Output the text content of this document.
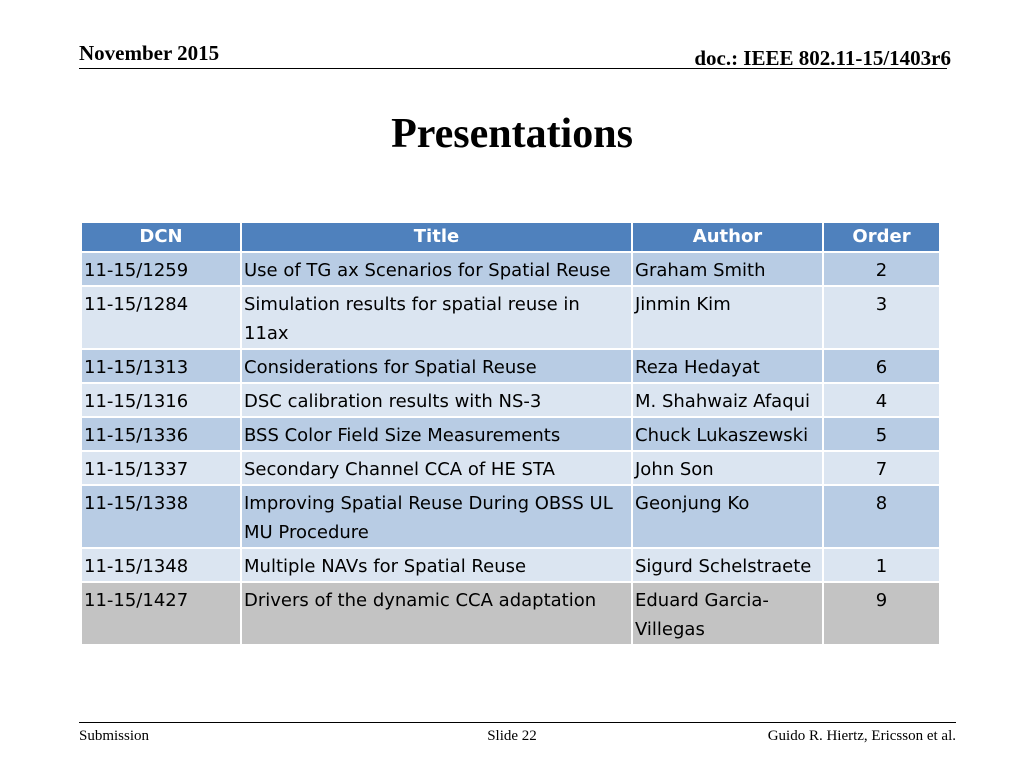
November 2015	doc.: IEEE 802.11-15/1403r6
Presentations
DCN	Title	Author	Order
11-15/1259	Use of TG ax Scenarios for Spatial Reuse	Graham Smith	2
11-15/1284	Simulation results for spatial reuse in 11ax	Jinmin Kim	3
11-15/1313	Considerations for Spatial Reuse	Reza Hedayat	6
11-15/1316	DSC calibration results with NS-3	M. Shahwaiz Afaqui	4
11-15/1336	BSS Color Field Size Measurements	Chuck Lukaszewski	5
11-15/1337	Secondary Channel CCA of HE STA	John Son	7
11-15/1338	Improving Spatial Reuse During OBSS UL MU Procedure	Geonjung Ko	8
11-15/1348	Multiple NAVs for Spatial Reuse	Sigurd Schelstraete	1
11-15/1427	Drivers of the dynamic CCA adaptation	Eduard Garcia-Villegas	9
Submission	Slide 22	Guido R. Hiertz, Ericsson et al.
